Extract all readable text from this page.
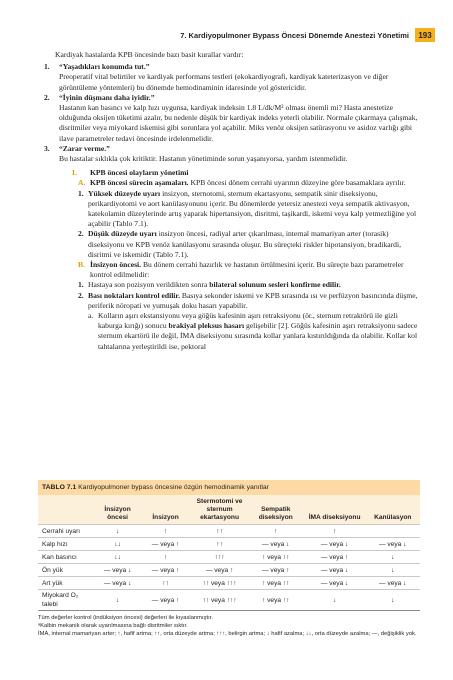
7. Kardiyopulmoner Bypass Öncesi Dönemde Anestezi Yönetimi	193

Kardiyak hastalarda KPB öncesinde bazı basit kurallar vardır:

1.	“Yaşadıkları konumda tut.”

Preoperatif vital belirtiler ve kardiyak performans testleri (ekokardiyografi, kardiyak kateterizasyon ve diğer görüntüleme yöntemleri) bu dönemde hemodinaminin idaresinde yol göstericidir.

2.	“İyinin düşmanı daha iyidir.”

Hastanın kan basıncı ve kalp hızı uygunsa, kardiyak indeksin 1.8 L/dk/M² olması önemli mi? Hasta anestetize olduğunda oksijen tüketimi azalır, bu nedenle düşük bir kardiyak indeks yeterli olabilir. Normale çıkarmaya çalışmak, disritmiler veya miyokard iskemisi gibi sorunlara yol açabilir. Miks venöz oksijen satürasyonu ve asidoz varlığı gibi ilave parametreler tedavi öncesinde irdelenmelidir.

3.	“Zarar verme.”

Bu hastalar sıklıkla çok kritiktir. Hastanın yönetiminde sorun yaşanıyorsa, yardım istenmelidir.

I.	KPB öncesi olayların yönetimi
A. KPB öncesi sürecin aşamaları. KPB öncesi dönem cerrahi uyarının düzeyine göre basamaklara ayrılır.

1. Yüksek düzeyde uyarı insizyon, sternotomi, sternum ekartasyonu, sempatik sinir diseksiyonu, perikardiyotomi ve aort kanülasyonunu içerir. Bu dönemlerde yetersiz anestezi veya sempatik aktivasyon, katekolamin düzeylerinde artış yaparak hipertansiyon, disritmi, taşikardi, iskemi veya kalp yetmezliğine yol açabilir (Tablo 7.1).

2. Düşük düzeyde uyarı insizyon öncesi, radiyal arter çıkarılması, internal mamariyan arter (torasik) diseksiyonu ve KPB venöz kanülasyonu sırasında oluşur. Bu süreçteki riskler hipotansiyon, bradikardi, disritmi ve iskemidir (Tablo 7.1).

B. İnsizyon öncesi. Bu dönem cerrahi hazırlık ve hastanın örtülmesini içerir. Bu süreçte bazı parametreler kontrol edilmelidir:

1. Hastaya son pozisyon verildikten sonra bilateral solunum sesleri konfirme edilir.

2. Bası noktaları kontrol edilir. Basıya sekonder iskemi ve KPB sırasında ısı ve perfüzyon basıncında düşme, periferik nöropati ve yumuşak doku hasarı yapabilir.

a. Kolların aşırı ekstansiyonu veya göğüs kafesinin aşırı retraksiyonu (ör., sternum retraktörü ile gizli kaburga kırığı) sonucu brakiyal pleksus hasarı gelişebilir [2]. Göğüs kafesinin aşırı retraksiyonu sadece sternum ekartörü ile değil, İMA diseksiyonu sırasında kollar yanlara kıstırıldığında da olabilir. Kollar kol tahtalarına yerleştirildi ise, pektoral

TABLO 7.1 Kardiyopulmoner bypass öncesine özgün hemodinamik yanıtlar
	İnsizyon öncesi	İnsizyon	Stermotomi ve sternum ekartasyonu	Sempatik diseksiyon	İMA diseksiyonu	Kanülasyon
Cerrahi uyarı	↓	↑	↑↑	↑	↑	
Kalp hızı	↓↓	— veya ↑	↑↑	— veya ↓	— veya ↓	— veya ↓
Kan basıncı	↓↓	↑	↑↑↑	↑ veya ↑↑	— veya ↑	↓
Ön yük	— veya ↓	— veya ↑	— veya ↑	— veya ↑	— veya ↓	↓
Art yük	— veya ↓	↑↑	↑↑ veya ↑↑↑	↑ veya ↑↑	— veya ↓	— veya ↓
Miyokard O₂ talebi	↓	— veya ↑	↑↑ veya ↑↑↑	↑ veya ↑↑	↓	↓

Tüm değerler kontrol (indüksiyon öncesi) değerleri ile kıyaslanmıştır.

ᵃKalbin mekanik olarak uyarılmasına bağlı disritmiler sıktır.

İMA, internal mamariyan arter; ↑, hafif artma; ↑↑, orta düzeyde artma; ↑↑↑, belirgin artma; ↓ hafif azalma; ↓↓, orta düzeyde azalma; —, değişiklik yok.
